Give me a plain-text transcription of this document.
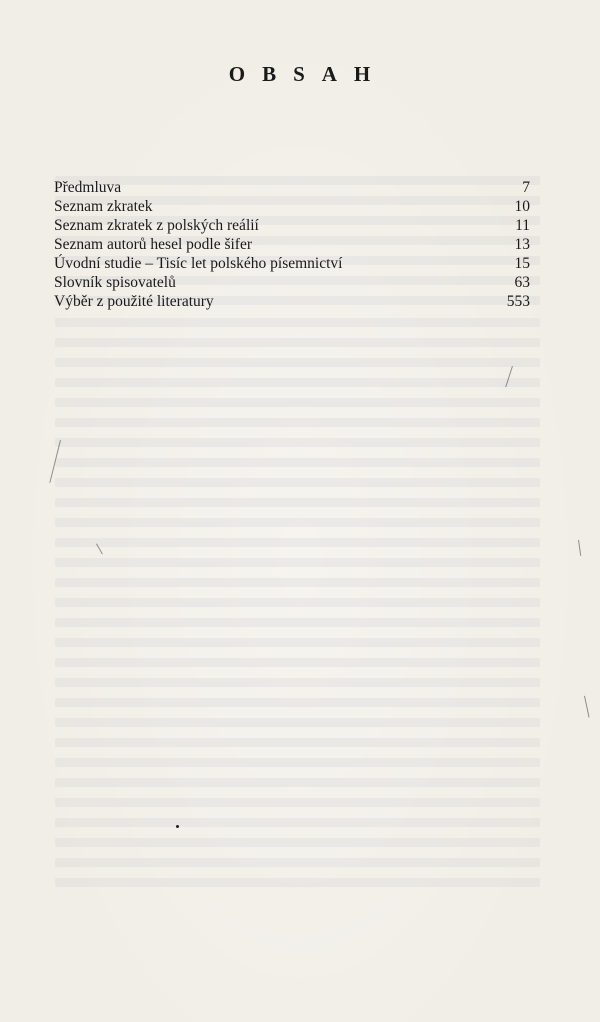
OBSAH
Předmluva	7
Seznam zkratek	10
Seznam zkratek z polských reálií	11
Seznam autorů hesel podle šifer	13
Úvodní studie – Tisíc let polského písemnictví	15
Slovník spisovatelů	63
Výběr z použité literatury	553
